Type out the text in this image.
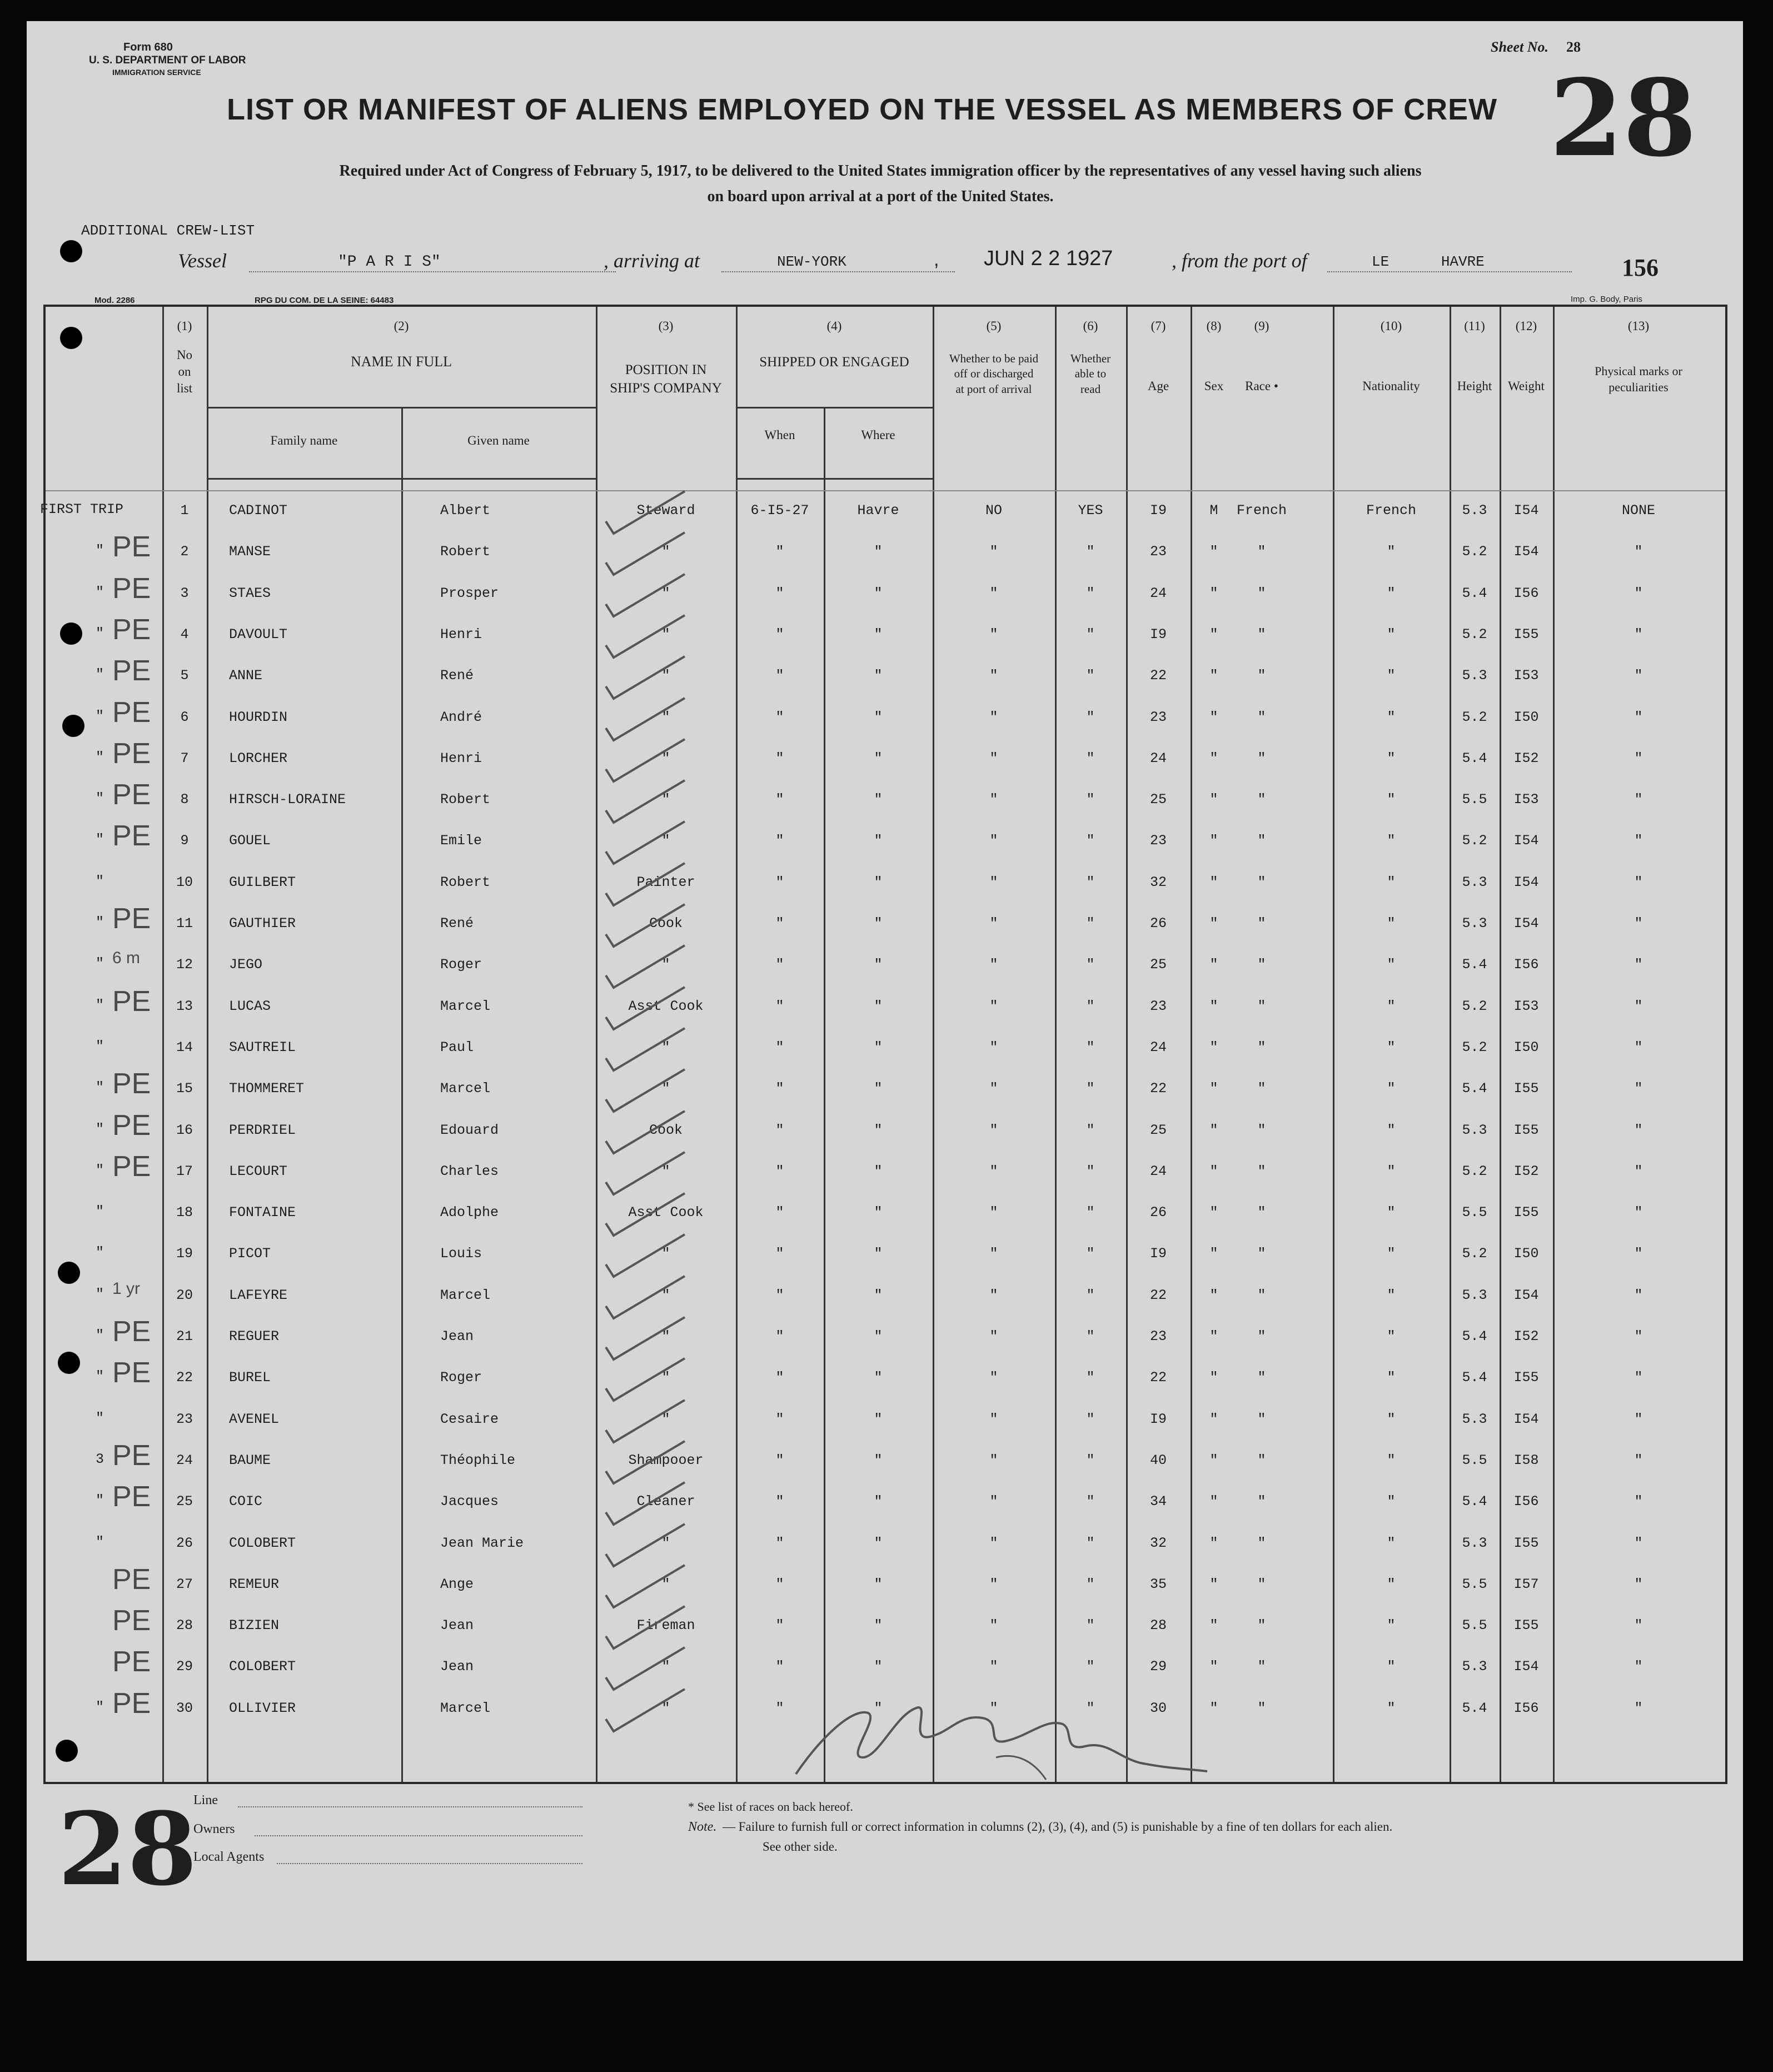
Form 680
U. S. DEPARTMENT OF LABOR
IMMIGRATION SERVICE
Sheet No. 28
28
LIST OR MANIFEST OF ALIENS EMPLOYED ON THE VESSEL AS MEMBERS OF CREW
Required under Act of Congress of February 5, 1917, to be delivered to the United States immigration officer by the representatives of any vessel having such aliens
on board upon arrival at a port of the United States.
ADDITIONAL CREW-LIST
Vessel	"P A R I S"	, arriving at	NEW-YORK	, JUN 2 2 1927	, from the port of	LE      HAVRE	156
Mod. 2286	RPG DU COM. DE LA SEINE: 64483	Imp. G. Body, Paris
(1)
No
on
list
(2)
NAME IN FULL
Family name	Given name
(3)
POSITION IN
SHIP'S COMPANY
(4)
SHIPPED OR ENGAGED
When	Where
(5)
Whether to be paid
off or discharged
at port of arrival
(6)
Whether
able to
read
(7)
Age
(8)
Sex
(9)
Race •
(10)
Nationality
(11)
Height
(12)
Weight
(13)
Physical marks or
peculiarities
FIRST TRIP	1	CADINOT	Albert	Steward	6-I5-27	Havre	NO	YES	I9	M French	French	5.3 I54	NONE
" PE 2	MANSE	Robert	"	"	"	"	"	23	"	"	"	5.2 I54	"
" PE 3	STAES	Prosper	"	"	"	"	"	24	"	"	"	5.4 I56	"
" PE 4	DAVOULT	Henri	"	"	"	"	"	I9	"	"	"	5.2 I55	"
" PE 5	ANNE	René	"	"	"	"	"	22	"	"	"	5.3 I53	"
" PE 6	HOURDIN	André	"	"	"	"	"	23	"	"	"	5.2 I50	"
" PE 7	LORCHER	Henri	"	"	"	"	"	24	"	"	"	5.4 I52	"
" PE 8	HIRSCH-LORAINE	Robert	"	"	"	"	"	25	"	"	"	5.5 I53	"
" PE 9	GOUEL	Emile	"	"	"	"	"	23	"	"	"	5.2 I54	"
"	10	GUILBERT	Robert	Painter	"	"	"	"	32	"	"	"	5.3 I54	"
" PE 11	GAUTHIER	René	Cook	"	"	"	"	26	"	"	"	5.3 I54	"
" 6 m	12	JEGO	Roger	"	"	"	"	"	25	"	"	"	5.4 I56	"
" PE 13	LUCAS	Marcel	Asst Cook	"	"	"	"	23	"	"	"	5.2 I53	"
"	14	SAUTREIL	Paul	"	"	"	"	"	24	"	"	"	5.2 I50	"
" PE 15	THOMMERET	Marcel	"	"	"	"	"	22	"	"	"	5.4 I55	"
" PE 16	PERDRIEL	Edouard	Cook	"	"	"	"	25	"	"	"	5.3 I55	"
" PE 17	LECOURT	Charles	"	"	"	"	"	24	"	"	"	5.2 I52	"
"	18	FONTAINE	Adolphe	Asst Cook	"	"	"	"	26	"	"	"	5.5 I55	"
"	19	PICOT	Louis	"	"	"	"	"	I9	"	"	"	5.2 I50	"
" 1 yr	20	LAFEYRE	Marcel	"	"	"	"	"	22	"	"	"	5.3 I54	"
" PE 21	REGUER	Jean	"	"	"	"	"	23	"	"	"	5.4 I52	"
" PE 22	BUREL	Roger	"	"	"	"	"	22	"	"	"	5.4 I55	"
"	23	AVENEL	Cesaire	"	"	"	"	"	I9	"	"	"	5.3 I54	"
3 PE 24	BAUME	Théophile	Shampooer	"	"	"	"	40	"	"	"	5.5 I58	"
" PE 25	COIC	Jacques	Cleaner	"	"	"	"	34	"	"	"	5.4 I56	"
"	26	COLOBERT	Jean Marie	"	"	"	"	"	32	"	"	"	5.3 I55	"
PE 27	REMEUR	Ange	"	"	"	"	"	35	"	"	"	5.5 I57	"
PE 28	BIZIEN	Jean	Fireman	"	"	"	"	28	"	"	"	5.5 I55	"
PE 29	COLOBERT	Jean	"	"	"	"	"	29	"	"	"	5.3 I54	"
" PE 30	OLLIVIER	Marcel	"	"	"	"	"	30	"	"	"	5.4 I56	"
28
Line
Owners
Local Agents
* See list of races on back hereof.
Note. — Failure to furnish full or correct information in columns (2), (3), (4), and (5) is punishable by a fine of ten dollars for each alien.
See other side.
